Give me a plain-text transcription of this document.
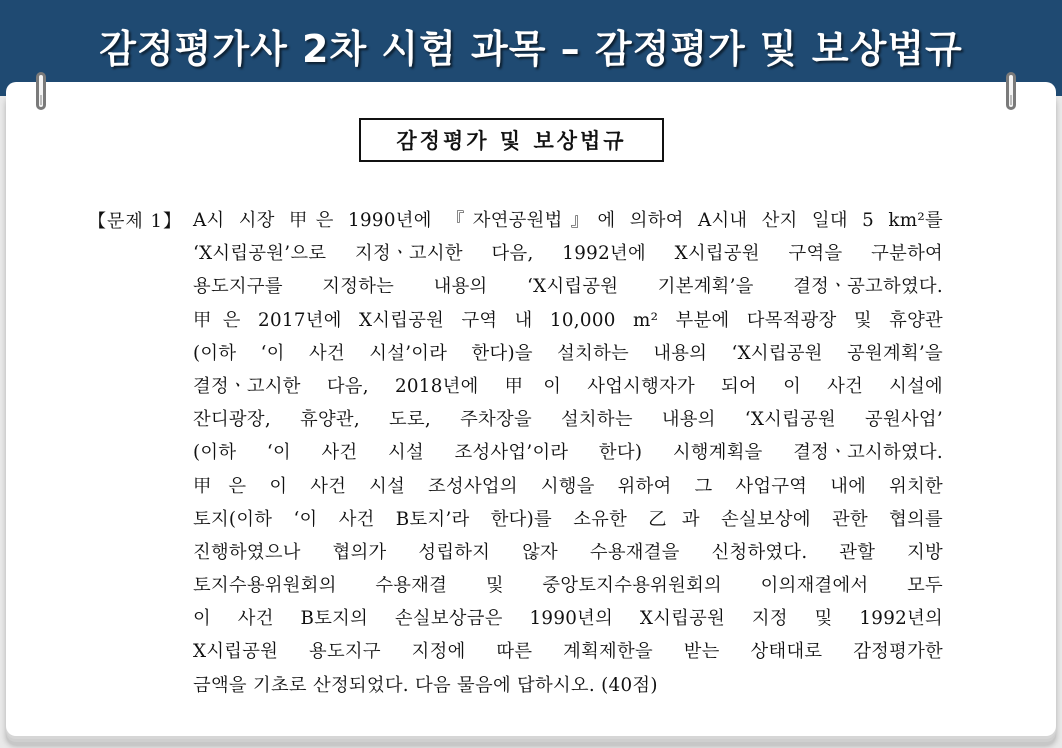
감정평가사 2차 시험 과목 – 감정평가 및 보상법규
감정평가 및 보상법규
【문제 1】 A시 시장 甲은 1990년에 『자연공원법』에 의하여 A시내 산지 일대 5 km²를
‘X시립공원’으로 지정ㆍ고시한 다음, 1992년에 X시립공원 구역을 구분하여
용도지구를 지정하는 내용의 ‘X시립공원 기본계획’을 결정ㆍ공고하였다.
甲은 2017년에 X시립공원 구역 내 10,000 m² 부분에 다목적광장 및 휴양관
(이하 ‘이 사건 시설’이라 한다)을 설치하는 내용의 ‘X시립공원 공원계획’을
결정ㆍ고시한 다음, 2018년에 甲이 사업시행자가 되어 이 사건 시설에
잔디광장, 휴양관, 도로, 주차장을 설치하는 내용의 ‘X시립공원 공원사업’
(이하 ‘이 사건 시설 조성사업’이라 한다) 시행계획을 결정ㆍ고시하였다.
甲은 이 사건 시설 조성사업의 시행을 위하여 그 사업구역 내에 위치한
토지(이하 ‘이 사건 B토지’라 한다)를 소유한 乙과 손실보상에 관한 협의를
진행하였으나 협의가 성립하지 않자 수용재결을 신청하였다. 관할 지방
토지수용위원회의 수용재결 및 중앙토지수용위원회의 이의재결에서 모두
이 사건 B토지의 손실보상금은 1990년의 X시립공원 지정 및 1992년의
X시립공원 용도지구 지정에 따른 계획제한을 받는 상태대로 감정평가한
금액을 기초로 산정되었다. 다음 물음에 답하시오. (40점)
